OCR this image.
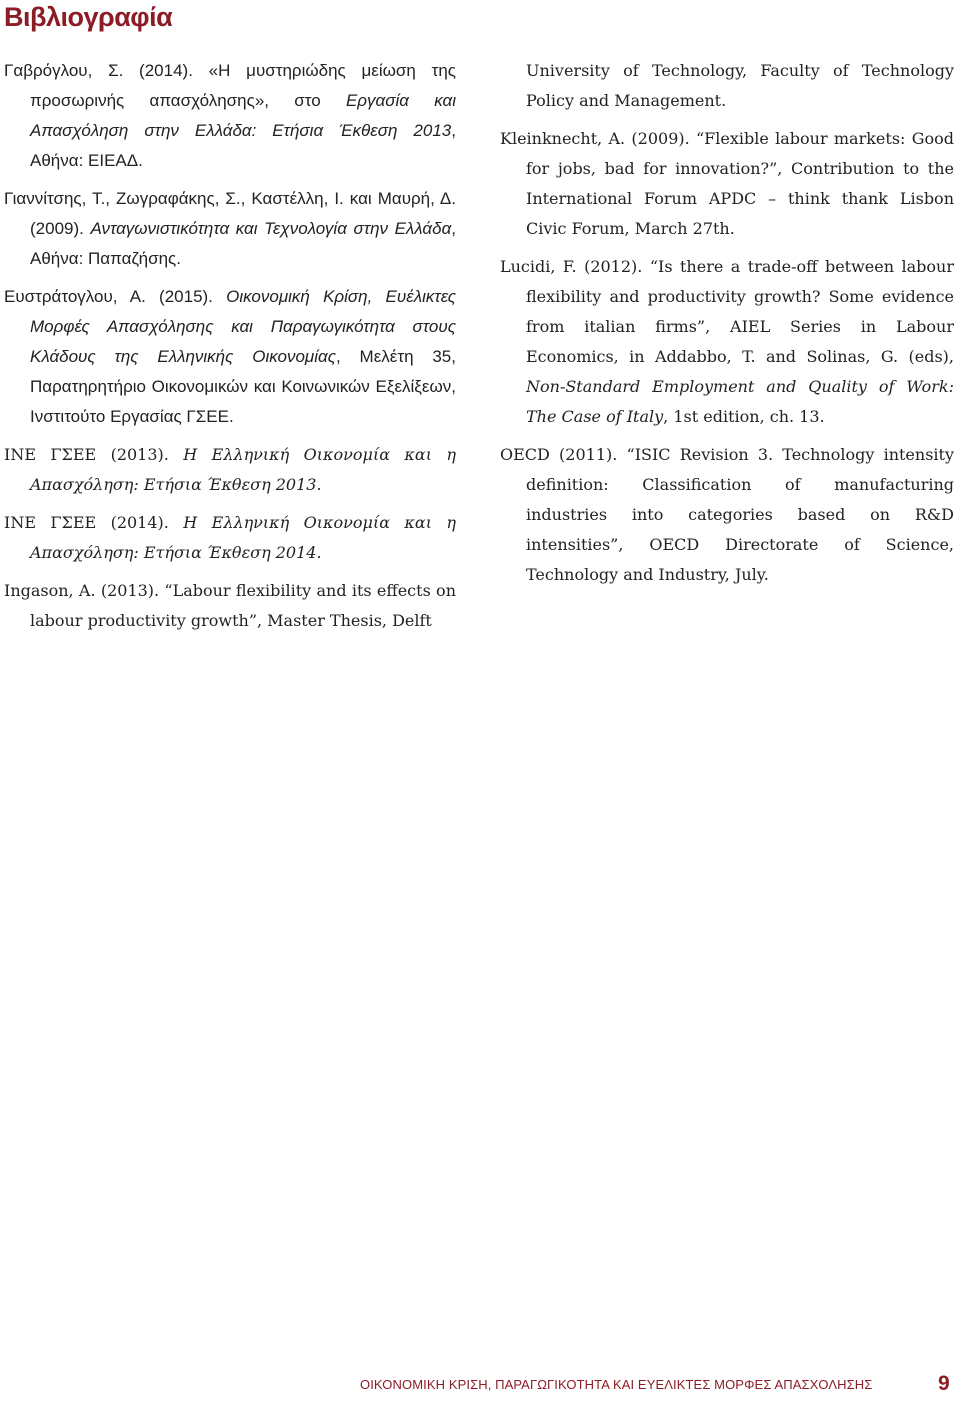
Βιβλιογραφία

Γαβρόγλου, Σ. (2014). «Η μυστηριώδης μείωση της προσωρινής απασχόλησης», στο Εργασία και Απασχόληση στην Ελλάδα: Ετήσια Έκθεση 2013, Αθήνα: ΕΙΕΑΔ.

Γιαννίτσης, Τ., Ζωγραφάκης, Σ., Καστέλλη, Ι. και Μαυρή, Δ. (2009). Ανταγωνιστικότητα και Τεχνολογία στην Ελλάδα, Αθήνα: Παπαζήσης.

Ευστράτογλου, Α. (2015). Οικονομική Κρίση, Ευέλικτες Μορφές Απασχόλησης και Παραγωγικότητα στους Κλάδους της Ελληνικής Οικονομίας, Μελέτη 35, Παρατηρητήριο Οικονομικών και Κοινωνικών Εξελίξεων, Ινστιτούτο Εργασίας ΓΣΕΕ.

ΙΝΕ ΓΣΕΕ (2013). Η Ελληνική Οικονομία και η Απασχόληση: Ετήσια Έκθεση 2013.

ΙΝΕ ΓΣΕΕ (2014). Η Ελληνική Οικονομία και η Απασχόληση: Ετήσια Έκθεση 2014.

Ingason, A. (2013). “Labour flexibility and its effects on labour productivity growth”, Master Thesis, Delft

University of Technology, Faculty of Technology Policy and Management.

Kleinknecht, A. (2009). “Flexible labour markets: Good for jobs, bad for innovation?”, Contribution to the International Forum APDC – think thank Lisbon Civic Forum, March 27th.

Lucidi, F. (2012). “Is there a trade-off between labour flexibility and productivity growth? Some evidence from italian firms”, AIEL Series in Labour Economics, in Addabbo, T. and Solinas, G. (eds), Non-Standard Employment and Quality of Work: The Case of Italy, 1st edition, ch. 13.

OECD (2011). “ISIC Revision 3. Technology intensity definition: Classification of manufacturing industries into categories based on R&D intensities”, OECD Directorate of Science, Technology and Industry, July.

ΟΙΚΟΝΟΜΙΚΗ ΚΡΙΣΗ, ΠΑΡΑΓΩΓΙΚΟΤΗΤΑ ΚΑΙ ΕΥΕΛΙΚΤΕΣ ΜΟΡΦΕΣ ΑΠΑΣΧΟΛΗΣΗΣ	9
